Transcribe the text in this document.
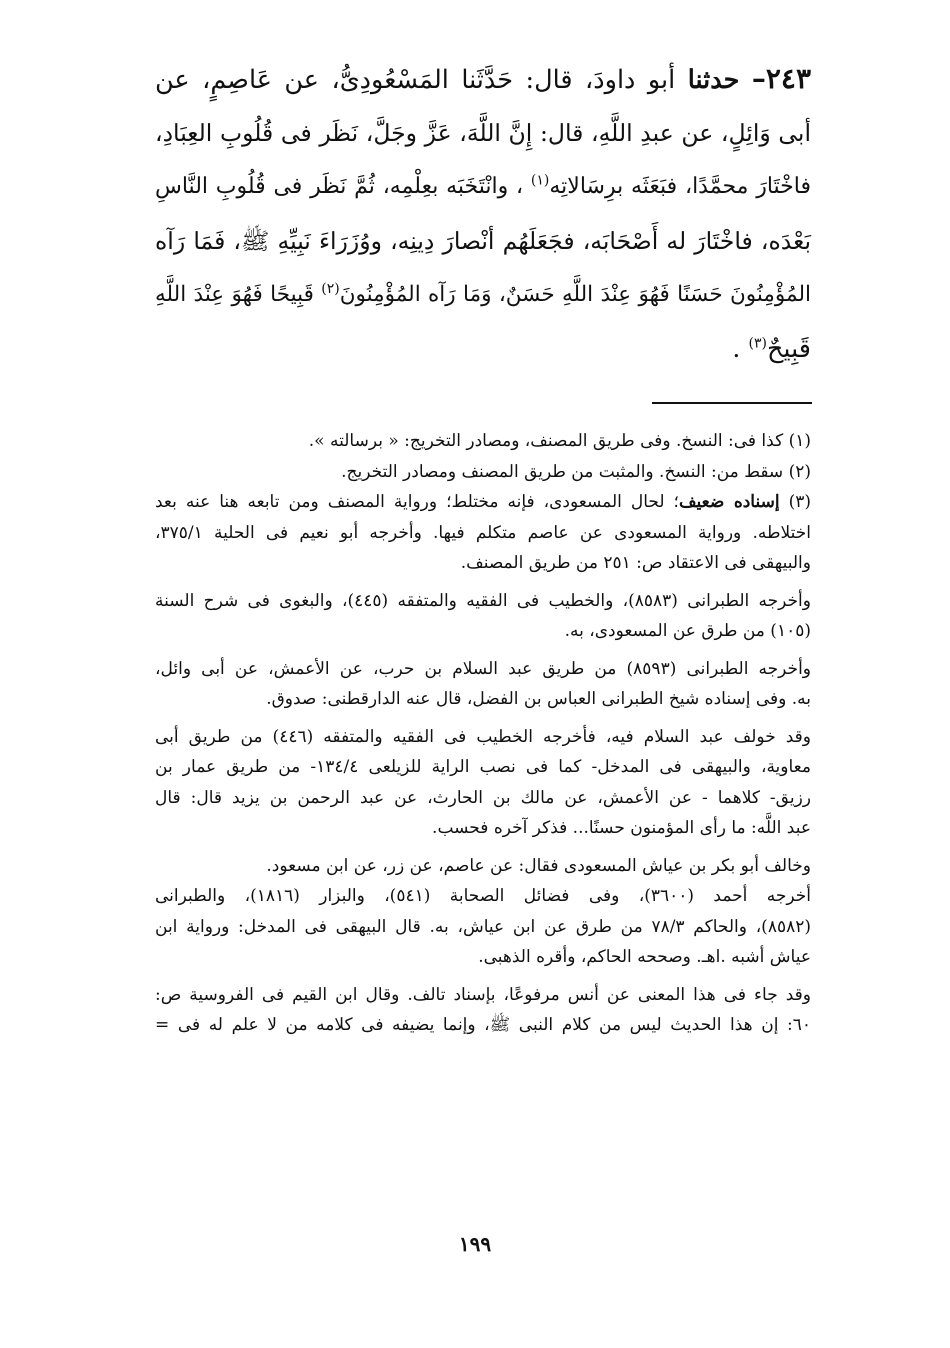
٢٤٣– حدثنا أبو داودَ، قال: حَدَّثَنا المَسْعُودِىُّ، عن عَاصِمٍ، عن
أبى وَائِلٍ، عن عبدِ اللَّهِ، قال: إِنَّ اللَّهَ، عَزَّ وجَلَّ، نَظَر فى قُلُوبِ العِبَادِ،
فاخْتَارَ محمَّدًا، فبَعَثَه برِسَالاتِه$^{(١)}$ ، وانْتَخَبَه بعِلْمِه، ثُمَّ نَظَر فى قُلُوبِ النَّاسِ
بَعْدَه، فاخْتَارَ له أَصْحَابَه، فجَعَلَهُم أنْصارَ دِينِه، ووُزَرَاءَ نَبِيِّهِ ﷺ، فَمَا رَآه
المُؤْمِنُونَ حَسَنًا فَهُوَ عِنْدَ اللَّهِ حَسَنٌ، وَمَا رَآه المُؤْمِنُونَ$^{(٢)}$ قَبِيحًا فَهُوَ عِنْدَ اللَّهِ
قَبِيحٌ$^{(٣)}$ .
(١) كذا فى: النسخ. وفى طريق المصنف، ومصادر التخريج: « برسالته ».
(٢) سقط من: النسخ. والمثبت من طريق المصنف ومصادر التخريج.
(٣) إسناده ضعيف؛ لحال المسعودى، فإنه مختلط؛ ورواية المصنف ومن تابعه هنا عنه بعد
اختلاطه. ورواية المسعودى عن عاصم متكلم فيها. وأخرجه أبو نعيم فى الحلية ٣٧٥/١،
والبيهقى فى الاعتقاد ص: ٢٥١ من طريق المصنف.
وأخرجه الطبرانى (٨٥٨٣)، والخطيب فى الفقيه والمتفقه (٤٤٥)، والبغوى فى شرح السنة
(١٠٥) من طرق عن المسعودى، به.
وأخرجه الطبرانى (٨٥٩٣) من طريق عبد السلام بن حرب، عن الأعمش، عن أبى وائل،
به. وفى إسناده شيخ الطبرانى العباس بن الفضل، قال عنه الدارقطنى: صدوق.
وقد خولف عبد السلام فيه، فأخرجه الخطيب فى الفقيه والمتفقه (٤٤٦) من طريق أبى
معاوية، والبيهقى فى المدخل- كما فى نصب الراية للزيلعى ١٣٤/٤- من طريق عمار بن
رزيق- كلاهما - عن الأعمش، عن مالك بن الحارث، عن عبد الرحمن بن يزيد قال: قال
عبد اللَّه: ما رأى المؤمنون حسنًا... فذكر آخره فحسب.
وخالف أبو بكر بن عياش المسعودى فقال: عن عاصم، عن زر، عن ابن مسعود.
أخرجه أحمد (٣٦٠٠)، وفى فضائل الصحابة (٥٤١)، والبزار (١٨١٦)، والطبرانى
(٨٥٨٢)، والحاكم ٧٨/٣ من طرق عن ابن عياش، به. قال البيهقى فى المدخل: ورواية ابن
عياش أشبه .اهـ. وصححه الحاكم، وأقره الذهبى.
وقد جاء فى هذا المعنى عن أنس مرفوعًا، بإسناد تالف. وقال ابن القيم فى الفروسية ص:
٦٠: إن هذا الحديث ليس من كلام النبى ﷺ، وإنما يضيفه فى كلامه من لا علم له فى =
١٩٩
